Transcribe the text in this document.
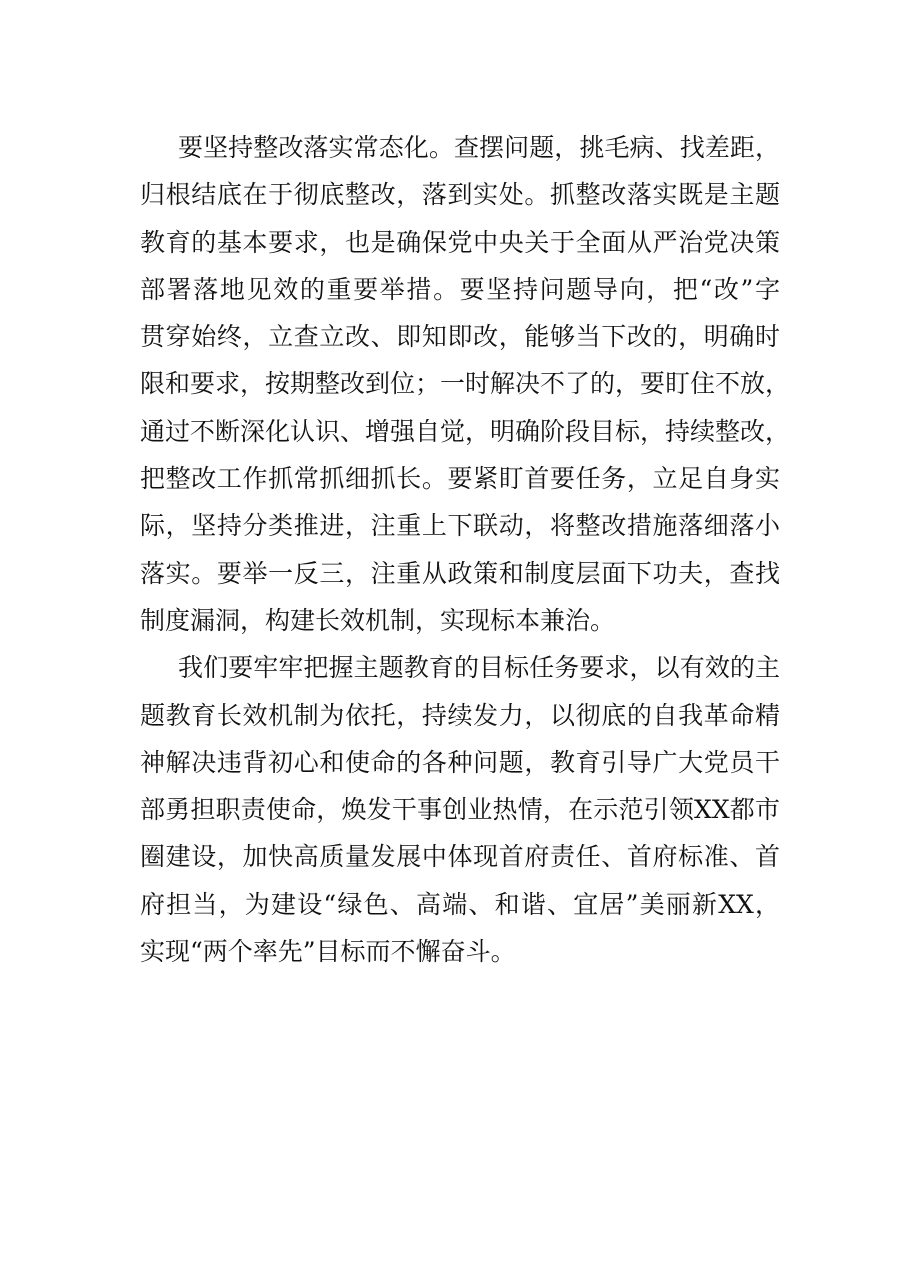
要坚持整改落实常态化。查摆问题，挑毛病、找差距，
归根结底在于彻底整改，落到实处。抓整改落实既是主题
教育的基本要求，也是确保党中央关于全面从严治党决策
部署落地见效的重要举措。要坚持问题导向，把“改”字
贯穿始终，立查立改、即知即改，能够当下改的，明确时
限和要求，按期整改到位；一时解决不了的，要盯住不放，
通过不断深化认识、增强自觉，明确阶段目标，持续整改，
把整改工作抓常抓细抓长。要紧盯首要任务，立足自身实
际，坚持分类推进，注重上下联动，将整改措施落细落小
落实。要举一反三，注重从政策和制度层面下功夫，查找
制度漏洞，构建长效机制，实现标本兼治。
我们要牢牢把握主题教育的目标任务要求，以有效的主
题教育长效机制为依托，持续发力，以彻底的自我革命精
神解决违背初心和使命的各种问题，教育引导广大党员干
部勇担职责使命，焕发干事创业热情，在示范引领XX都市
圈建设，加快高质量发展中体现首府责任、首府标准、首
府担当，为建设“绿色、高端、和谐、宜居”美丽新XX，
实现“两个率先”目标而不懈奋斗。
